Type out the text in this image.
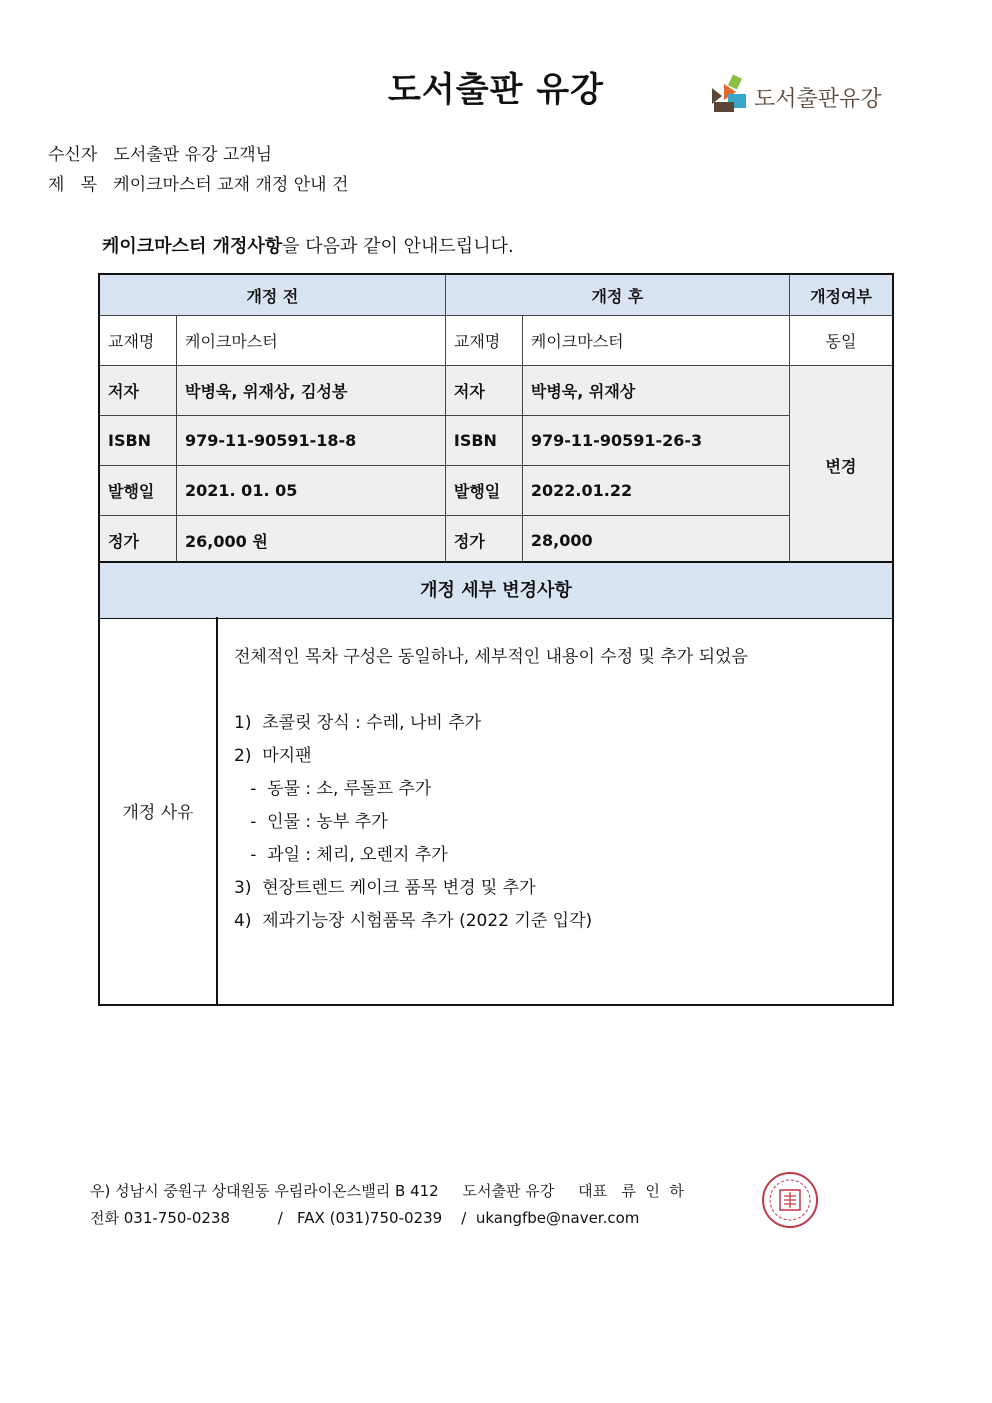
도서출판 유강	도서출판유강
수신자 도서출판 유강 고객님
제   목 케이크마스터 교재 개정 안내 건
케이크마스터 개정사항을 다음과 같이 안내드립니다.
개정 전		개정 후		개정여부
교재명	케이크마스터	교재명	케이크마스터	동일
저자	박병욱, 위재상, 김성봉	저자	박병욱, 위재상	변경
ISBN	979-11-90591-18-8	ISBN	979-11-90591-26-3	
발행일	2021. 01. 05	발행일	2022.01.22	
정가	26,000 원	정가	28,000	
개정 세부 변경사항
개정 사유
전체적인 목차 구성은 동일하나, 세부적인 내용이 수정 및 추가 되었음
1)  초콜릿 장식 : 수레, 나비 추가
2)  마지팬
-  동물 : 소, 루돌프 추가
-  인물 : 농부 추가
-  과일 : 체리, 오렌지 추가
3)  현장트렌드 케이크 품목 변경 및 추가
4)  제과기능장 시험품목 추가 (2022 기준 입각)
우) 성남시 중원구 상대원동 우림라이온스밸리 B 412     도서출판 유강     대표   류  인  하
전화 031-750-0238          /   FAX (031)750-0239    /  ukangfbe@naver.com
